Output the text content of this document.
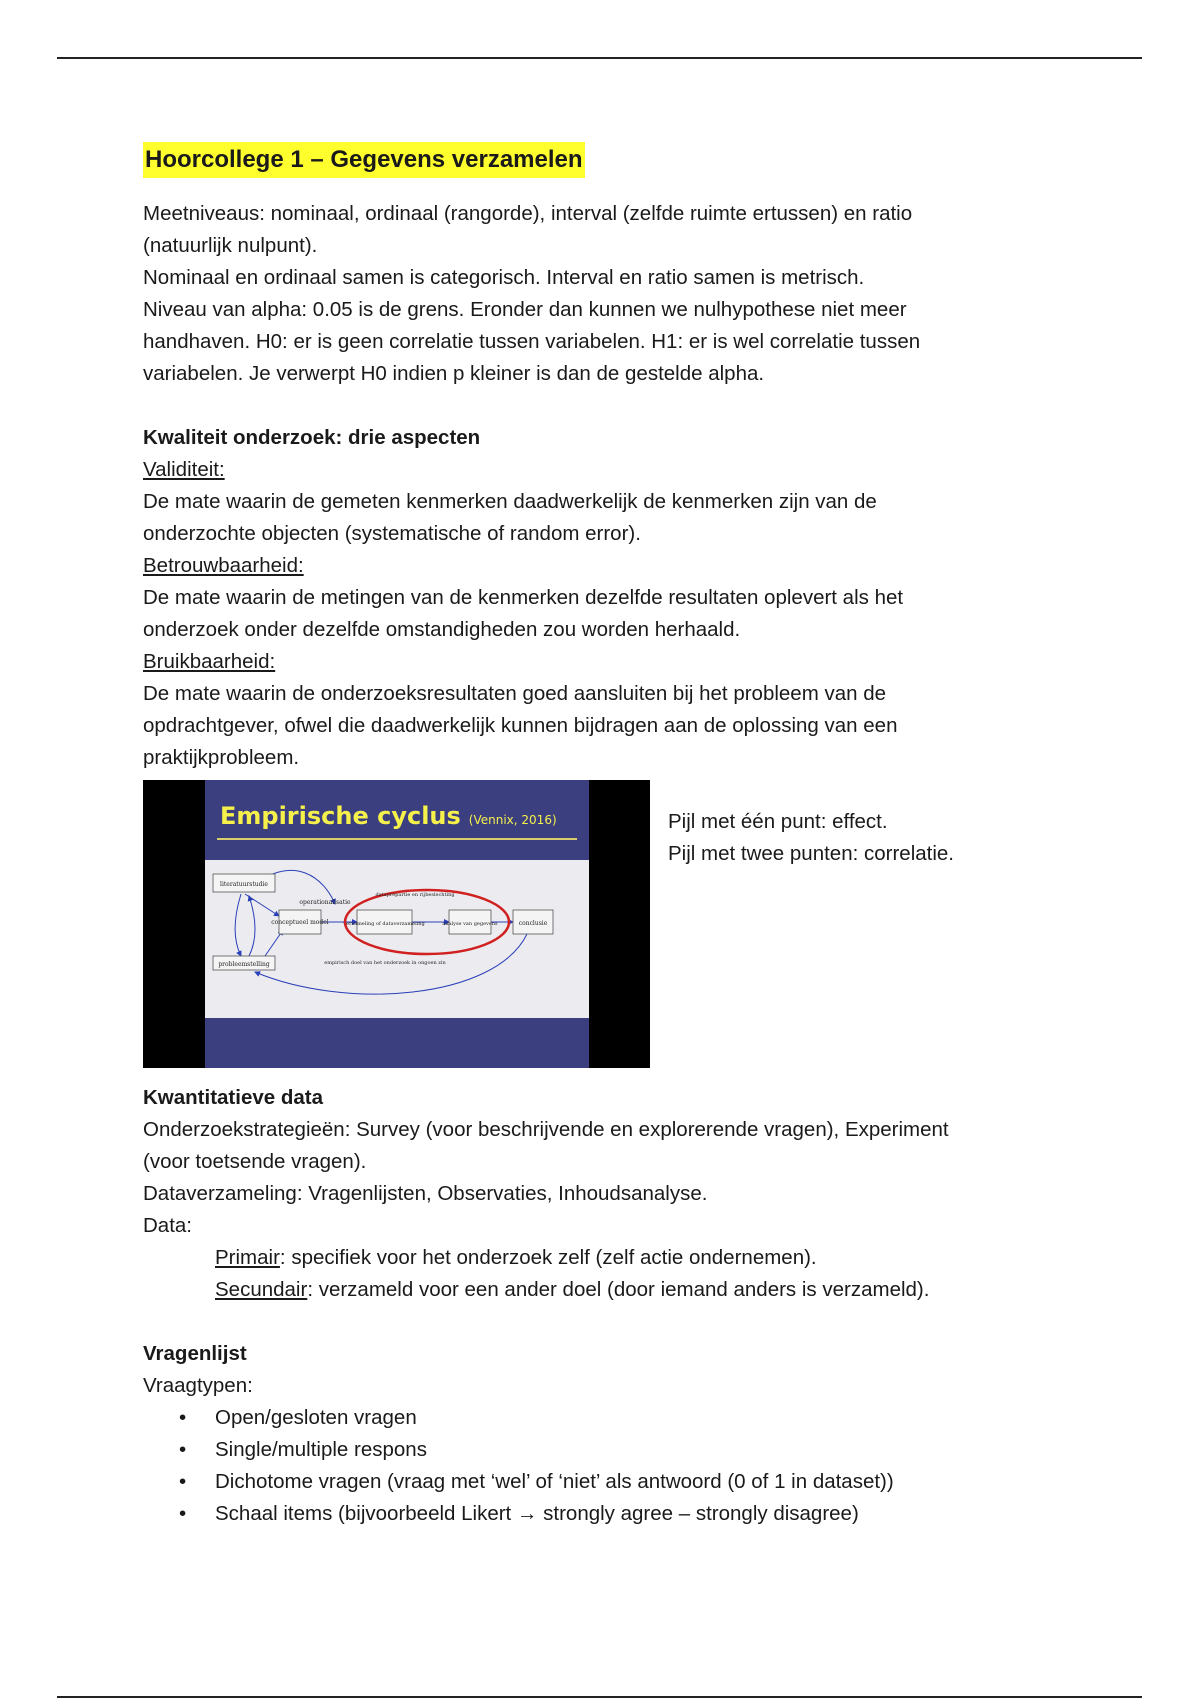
Hoorcollege 1 – Gegevens verzamelen

Meetniveaus: nominaal, ordinaal (rangorde), interval (zelfde ruimte ertussen) en ratio

(natuurlijk nulpunt).

Nominaal en ordinaal samen is categorisch. Interval en ratio samen is metrisch.

Niveau van alpha: 0.05 is de grens. Eronder dan kunnen we nulhypothese niet meer

handhaven. H0: er is geen correlatie tussen variabelen. H1: er is wel correlatie tussen

variabelen. Je verwerpt H0 indien p kleiner is dan de gestelde alpha.

Kwaliteit onderzoek: drie aspecten

Validiteit:

De mate waarin de gemeten kenmerken daadwerkelijk de kenmerken zijn van de

onderzochte objecten (systematische of random error).

Betrouwbaarheid:

De mate waarin de metingen van de kenmerken dezelfde resultaten oplevert als het

onderzoek onder dezelfde omstandigheden zou worden herhaald.

Bruikbaarheid:

De mate waarin de onderzoeksresultaten goed aansluiten bij het probleem van de

opdrachtgever, ofwel die daadwerkelijk kunnen bijdragen aan de oplossing van een

praktijkprobleem.

Empirische cyclus (Vennix, 2016)
literatuurstudie
conceptueel model
probleemstelling
verzameling of dataverzameling	analyse van gegevens	conclusie
operationalisatie
dataprepartie en rijbeslechting
empirisch doel van het onderzoek in ongoen zin

Pijl met één punt: effect.

Pijl met twee punten: correlatie.

Kwantitatieve data

Onderzoekstrategieën: Survey (voor beschrijvende en explorerende vragen), Experiment

(voor toetsende vragen).

Dataverzameling: Vragenlijsten, Observaties, Inhoudsanalyse.

Data:

Primair: specifiek voor het onderzoek zelf (zelf actie ondernemen).

Secundair: verzameld voor een ander doel (door iemand anders is verzameld).

Vragenlijst

Vraagtypen:

•	Open/gesloten vragen
•	Single/multiple respons
•	Dichotome vragen (vraag met ‘wel’ of ‘niet’ als antwoord (0 of 1 in dataset))
•	Schaal items (bijvoorbeeld Likert → strongly agree – strongly disagree)
